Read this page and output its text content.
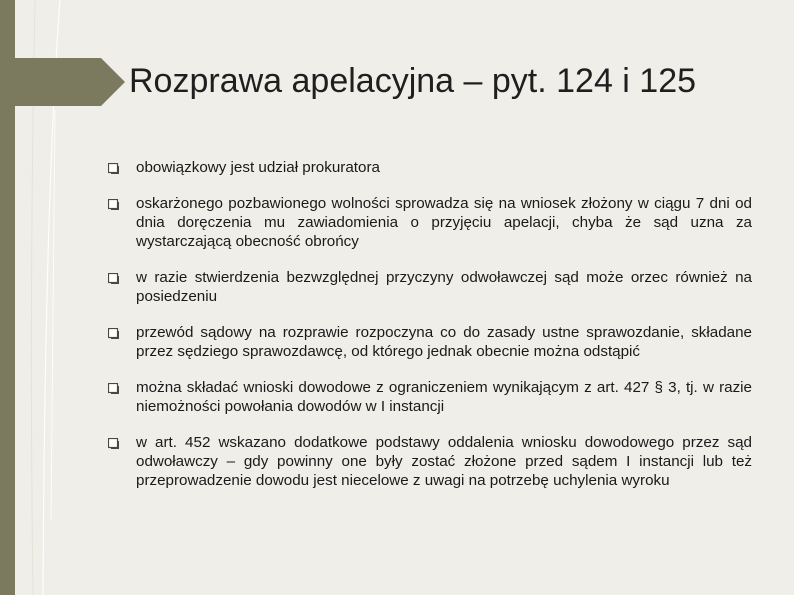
Rozprawa apelacyjna – pyt. 124 i 125
obowiązkowy jest udział prokuratora
oskarżonego pozbawionego wolności sprowadza się na wniosek złożony w ciągu 7 dni od dnia doręczenia mu zawiadomienia o przyjęciu apelacji, chyba że sąd uzna za wystarczającą obecność obrońcy
w razie stwierdzenia bezwzględnej przyczyny odwoławczej sąd może orzec również na posiedzeniu
przewód sądowy na rozprawie rozpoczyna co do zasady ustne sprawozdanie, składane przez sędziego sprawozdawcę, od którego jednak obecnie można odstąpić
można składać wnioski dowodowe z ograniczeniem wynikającym z art. 427 § 3, tj. w razie niemożności powołania dowodów w I instancji
w art. 452 wskazano dodatkowe podstawy oddalenia wniosku dowodowego przez sąd odwoławczy – gdy powinny one były zostać złożone przed sądem I instancji lub też przeprowadzenie dowodu jest niecelowe z uwagi na potrzebę uchylenia wyroku
